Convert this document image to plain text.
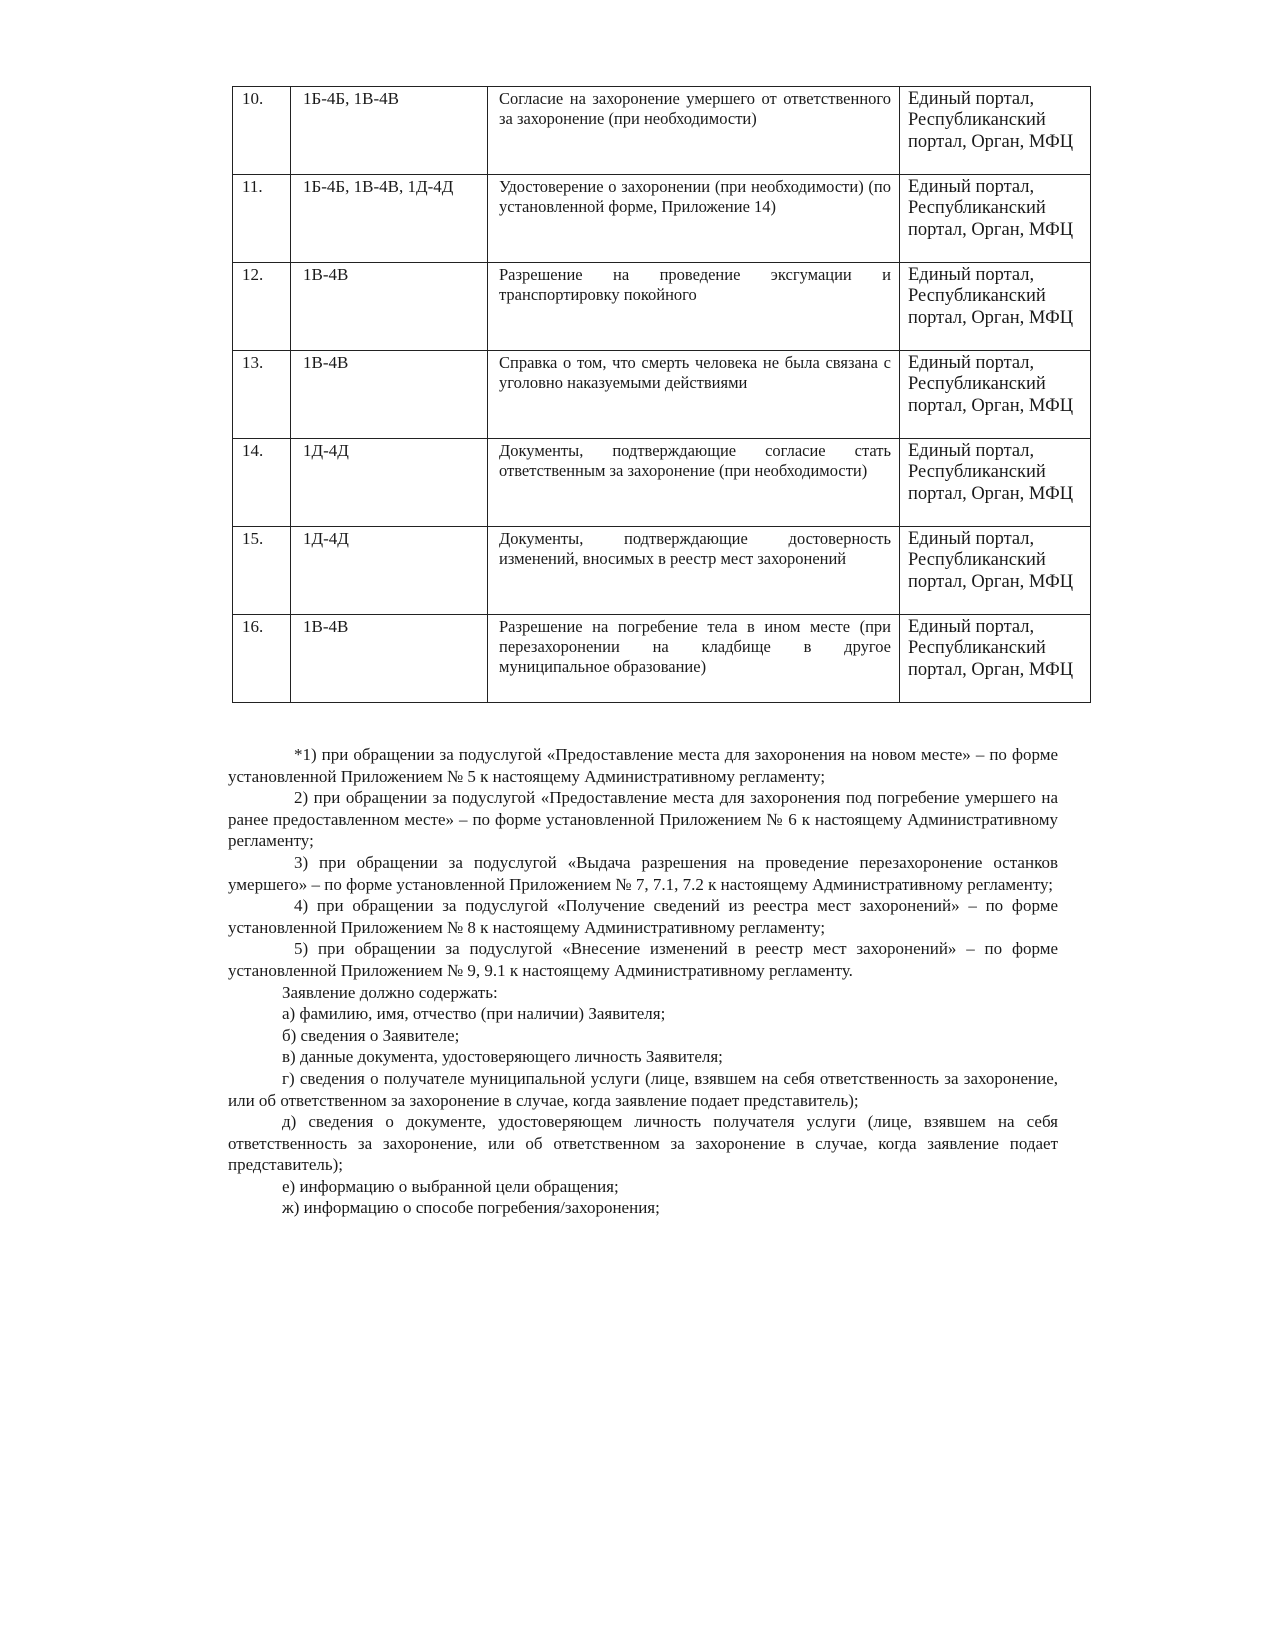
10.	1Б-4Б, 1В-4В	Согласие на захоронение умершего от ответственного за захоронение (при необходимости)	Единый портал, Республиканский портал, Орган, МФЦ
11.	1Б-4Б, 1В-4В, 1Д-4Д	Удостоверение о захоронении (при необходимости) (по установленной форме, Приложение 14)	Единый портал, Республиканский портал, Орган, МФЦ
12.	1В-4В	Разрешение на проведение эксгумации и транспортировку покойного	Единый портал, Республиканский портал, Орган, МФЦ
13.	1В-4В	Справка о том, что смерть человека не была связана с уголовно наказуемыми действиями	Единый портал, Республиканский портал, Орган, МФЦ
14.	1Д-4Д	Документы, подтверждающие согласие стать ответственным за захоронение (при необходимости)	Единый портал, Республиканский портал, Орган, МФЦ
15.	1Д-4Д	Документы, подтверждающие достоверность изменений, вносимых в реестр мест захоронений	Единый портал, Республиканский портал, Орган, МФЦ
16.	1В-4В	Разрешение на погребение тела в ином месте (при перезахоронении на кладбище в другое муниципальное образование)	Единый портал, Республиканский портал, Орган, МФЦ

*1) при обращении за подуслугой «Предоставление места для захоронения на новом месте» – по форме установленной Приложением № 5 к настоящему Административному регламенту;

2) при обращении за подуслугой «Предоставление места для захоронения под погребение умершего на ранее предоставленном месте» – по форме установленной Приложением № 6 к настоящему Административному регламенту;

3) при обращении за подуслугой «Выдача разрешения на проведение перезахоронение останков умершего» – по форме установленной Приложением № 7, 7.1, 7.2 к настоящему Административному регламенту;

4) при обращении за подуслугой «Получение сведений из реестра мест захоронений» – по форме установленной Приложением № 8 к настоящему Административному регламенту;

5) при обращении за подуслугой «Внесение изменений в реестр мест захоронений» – по форме установленной Приложением № 9, 9.1 к настоящему Административному регламенту.

Заявление должно содержать:

а) фамилию, имя, отчество (при наличии) Заявителя;

б) сведения о Заявителе;

в) данные документа, удостоверяющего личность Заявителя;

г) сведения о получателе муниципальной услуги (лице, взявшем на себя ответственность за захоронение, или об ответственном за захоронение в случае, когда заявление подает представитель);

д) сведения о документе, удостоверяющем личность получателя услуги (лице, взявшем на себя ответственность за захоронение, или об ответственном за захоронение в случае, когда заявление подает представитель);

е) информацию о выбранной цели обращения;

ж) информацию о способе погребения/захоронения;
